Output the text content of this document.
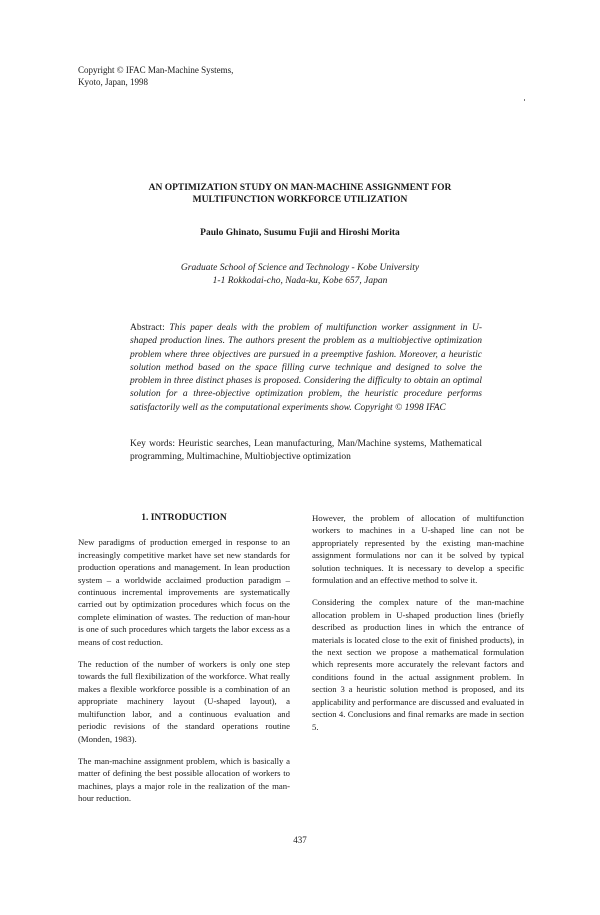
Copyright © IFAC Man-Machine Systems,
Kyoto, Japan, 1998
AN OPTIMIZATION STUDY ON MAN-MACHINE ASSIGNMENT FOR
MULTIFUNCTION WORKFORCE UTILIZATION
Paulo Ghinato, Susumu Fujii and Hiroshi Morita
Graduate School of Science and Technology - Kobe University
1-1 Rokkodai-cho, Nada-ku, Kobe 657, Japan
Abstract: This paper deals with the problem of multifunction worker assignment in U-shaped production lines. The authors present the problem as a multiobjective optimization problem where three objectives are pursued in a preemptive fashion. Moreover, a heuristic solution method based on the space filling curve technique and designed to solve the problem in three distinct phases is proposed. Considering the difficulty to obtain an optimal solution for a three-objective optimization problem, the heuristic procedure performs satisfactorily well as the computational experiments show. Copyright © 1998 IFAC
Key words: Heuristic searches, Lean manufacturing, Man/Machine systems, Mathematical programming, Multimachine, Multiobjective optimization
1. INTRODUCTION

New paradigms of production emerged in response to an increasingly competitive market have set new standards for production operations and management. In lean production system – a worldwide acclaimed production paradigm – continuous incremental improvements are systematically carried out by optimization procedures which focus on the complete elimination of wastes. The reduction of man-hour is one of such procedures which targets the labor excess as a means of cost reduction.

The reduction of the number of workers is only one step towards the full flexibilization of the workforce. What really makes a flexible workforce possible is a combination of an appropriate machinery layout (U-shaped layout), a multifunction labor, and a continuous evaluation and periodic revisions of the standard operations routine (Monden, 1983).

The man-machine assignment problem, which is basically a matter of defining the best possible allocation of workers to machines, plays a major role in the realization of the man-hour reduction.

However, the problem of allocation of multifunction workers to machines in a U-shaped line can not be appropriately represented by the existing man-machine assignment formulations nor can it be solved by typical solution techniques. It is necessary to develop a specific formulation and an effective method to solve it.

Considering the complex nature of the man-machine allocation problem in U-shaped production lines (briefly described as production lines in which the entrance of materials is located close to the exit of finished products), in the next section we propose a mathematical formulation which represents more accurately the relevant factors and conditions found in the actual assignment problem. In section 3 a heuristic solution method is proposed, and its applicability and performance are discussed and evaluated in section 4. Conclusions and final remarks are made in section 5.

437
